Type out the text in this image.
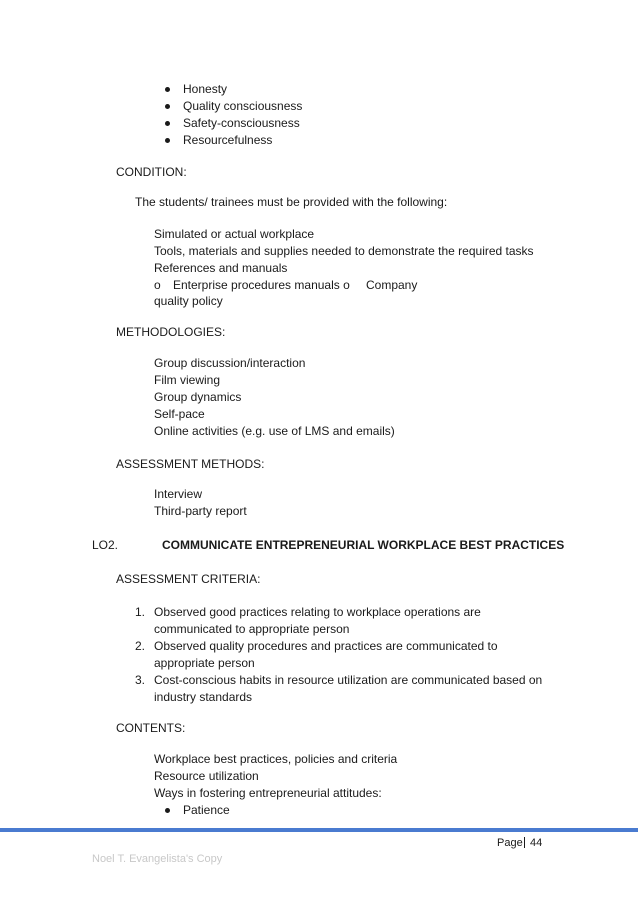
Honesty
Quality consciousness
Safety-consciousness
Resourcefulness
CONDITION:
The students/ trainees must be provided with the following:
Simulated or actual workplace
Tools, materials and supplies needed to demonstrate the required tasks
References and manuals
o Enterprise procedures manuals o Company
quality policy
METHODOLOGIES:
Group discussion/interaction
Film viewing
Group dynamics
Self-pace
Online activities (e.g. use of LMS and emails)
ASSESSMENT METHODS:
Interview
Third-party report
LO2.	COMMUNICATE ENTREPRENEURIAL WORKPLACE BEST PRACTICES
ASSESSMENT CRITERIA:
1. Observed good practices relating to workplace operations are
communicated to appropriate person
2. Observed quality procedures and practices are communicated to
appropriate person
3. Cost-conscious habits in resource utilization are communicated based on
industry standards
CONTENTS:
Workplace best practices, policies and criteria
Resource utilization
Ways in fostering entrepreneurial attitudes:
Patience
Page 44
Noel T. Evangelista's Copy
